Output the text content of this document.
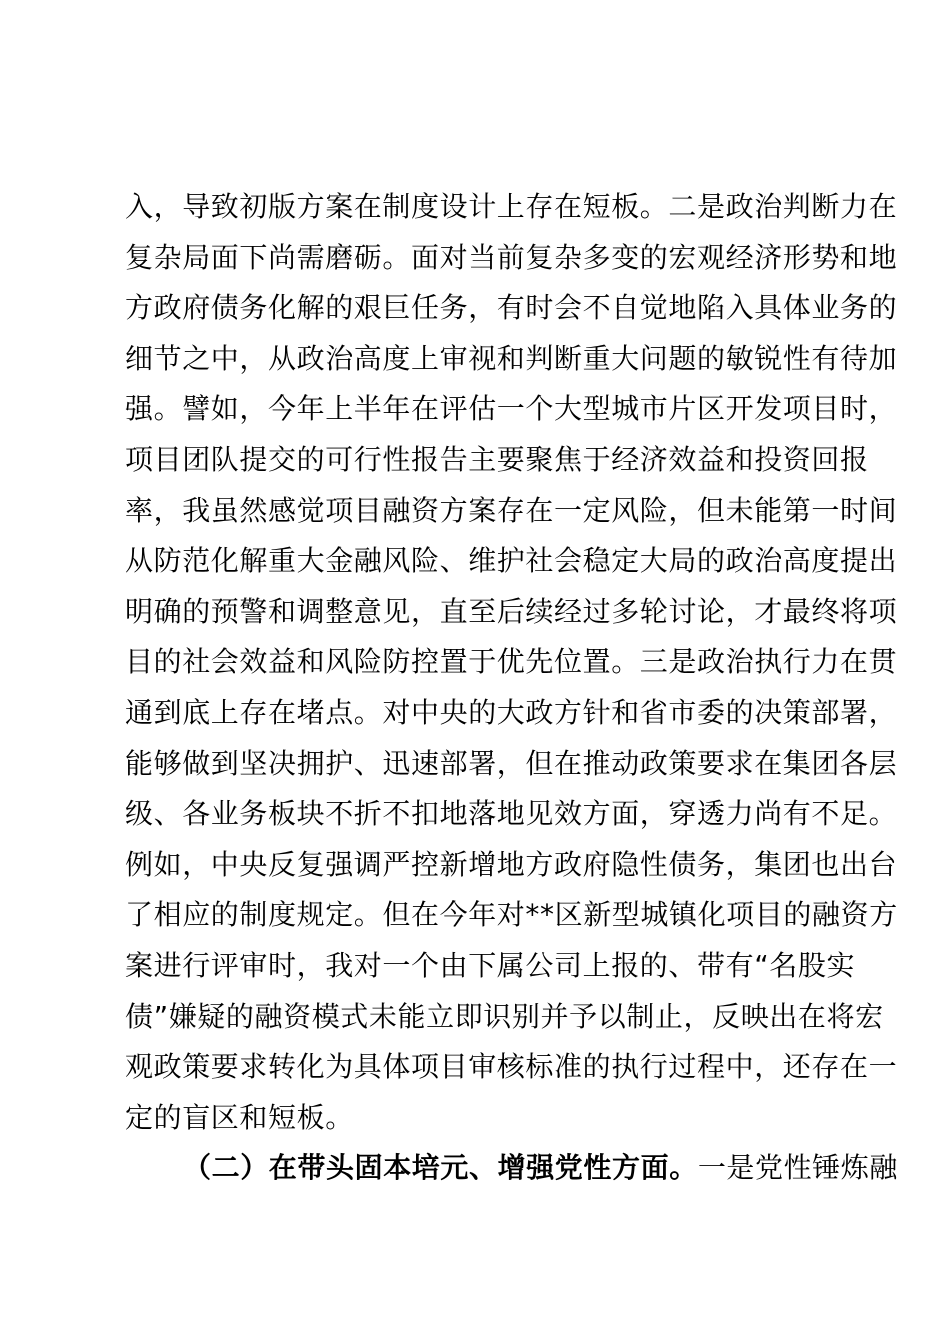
入，导致初版方案在制度设计上存在短板。二是政治判断力在
复杂局面下尚需磨砺。面对当前复杂多变的宏观经济形势和地
方政府债务化解的艰巨任务，有时会不自觉地陷入具体业务的
细节之中，从政治高度上审视和判断重大问题的敏锐性有待加
强。譬如，今年上半年在评估一个大型城市片区开发项目时，
项目团队提交的可行性报告主要聚焦于经济效益和投资回报
率，我虽然感觉项目融资方案存在一定风险，但未能第一时间
从防范化解重大金融风险、维护社会稳定大局的政治高度提出
明确的预警和调整意见，直至后续经过多轮讨论，才最终将项
目的社会效益和风险防控置于优先位置。三是政治执行力在贯
通到底上存在堵点。对中央的大政方针和省市委的决策部署，
能够做到坚决拥护、迅速部署，但在推动政策要求在集团各层
级、各业务板块不折不扣地落地见效方面，穿透力尚有不足。
例如，中央反复强调严控新增地方政府隐性债务，集团也出台
了相应的制度规定。但在今年对**区新型城镇化项目的融资方
案进行评审时，我对一个由下属公司上报的、带有“名股实
债”嫌疑的融资模式未能立即识别并予以制止，反映出在将宏
观政策要求转化为具体项目审核标准的执行过程中，还存在一
定的盲区和短板。
（二）在带头固本培元、增强党性方面。一是党性锤炼融
